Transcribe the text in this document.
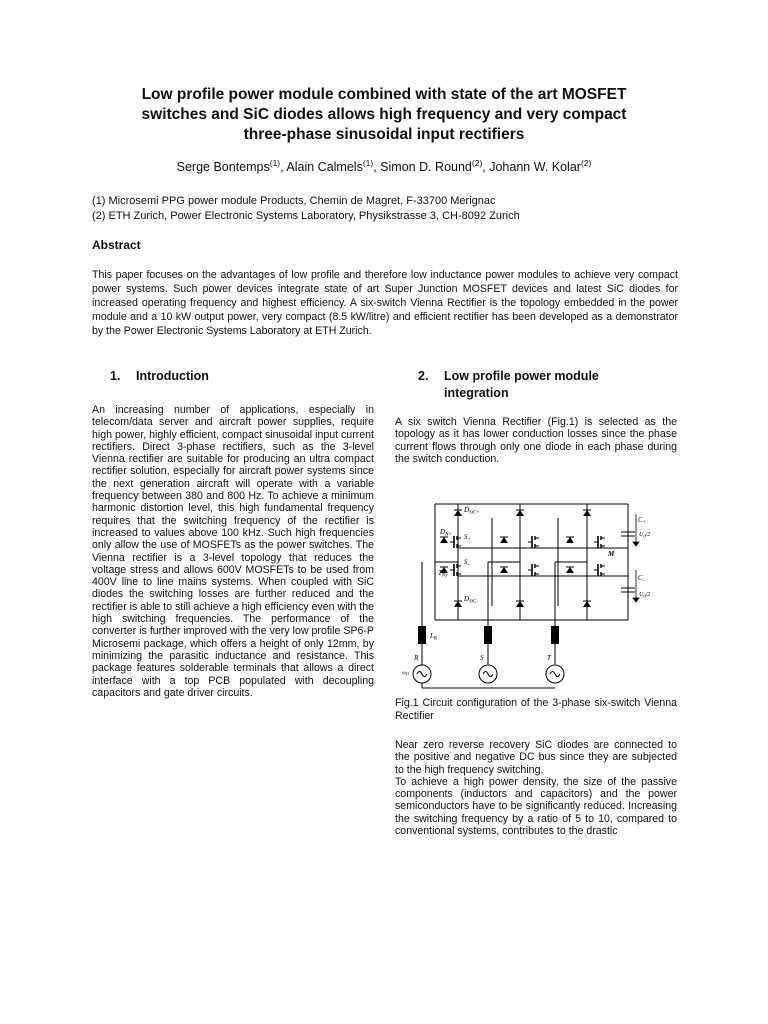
Low profile power module combined with state of the art MOSFET
switches and SiC diodes allows high frequency and very compact
three-phase sinusoidal input rectifiers
Serge Bontemps$^{(1)}$, Alain Calmels$^{(1)}$, Simon D. Round$^{(2)}$, Johann W. Kolar$^{(2)}$
(1) Microsemi PPG power module Products, Chemin de Magret, F-33700 Merignac
(2) ETH Zurich, Power Electronic Systems Laboratory, Physikstrasse 3, CH-8092 Zurich
Abstract
This paper focuses on the advantages of low profile and therefore low inductance power modules to achieve very compact power systems. Such power devices integrate state of art Super Junction MOSFET devices and latest SiC diodes for increased operating frequency and highest efficiency. A six-switch Vienna Rectifier is the topology embedded in the power module and a 10 kW output power, very compact (8.5 kW/litre) and efficient rectifier has been developed as a demonstrator by the Power Electronic Systems Laboratory at ETH Zurich.
1. Introduction

An increasing number of applications, especially in telecom/data server and aircraft power supplies, require high power, highly efficient, compact sinusoidal input current rectifiers. Direct 3-phase rectifiers, such as the 3-level Vienna rectifier are suitable for producing an ultra compact rectifier solution, especially for aircraft power systems since the next generation aircraft will operate with a variable frequency between 380 and 800 Hz. To achieve a minimum harmonic distortion level, this high fundamental frequency requires that the switching frequency of the rectifier is increased to values above 100 kHz. Such high frequencies only allow the use of MOSFETs as the power switches. The Vienna rectifier is a 3-level topology that reduces the voltage stress and allows 600V MOSFETs to be used from 400V line to line mains systems. When coupled with SiC diodes the switching losses are further reduced and the rectifier is able to still achieve a high efficiency even with the high switching frequencies. The performance of the converter is further improved with the very low profile SP6-P Microsemi package, which offers a height of only 12mm, by minimizing the parasitic inductance and resistance. This package features solderable terminals that allows a direct interface with a top PCB populated with decoupling capacitors and gate driver circuits.

2. Low profile power module
integration

A six switch Vienna Rectifier (Fig.1) is selected as the topology as it has lower conduction losses since the phase current flows through only one diode in each phase during the switch conduction.

$D_{SiC+}$
$D_{N+}$ $S_+$
$S_-$
$T_{Ny}$
$D_{SiC-}$
$C_+$
$C_-$
M
$U_0/2$
$U_0/2$
$L_R$
R	S	T
$u_{N1}$
Fig.1 Circuit configuration of the 3-phase six-switch Vienna Rectifier

Near zero reverse recovery SiC diodes are connected to the positive and negative DC bus since they are subjected to the high frequency switching.

To achieve a high power density, the size of the passive components (inductors and capacitors) and the power semiconductors have to be significantly reduced. Increasing the switching frequency by a ratio of 5 to 10, compared to conventional systems, contributes to the drastic
